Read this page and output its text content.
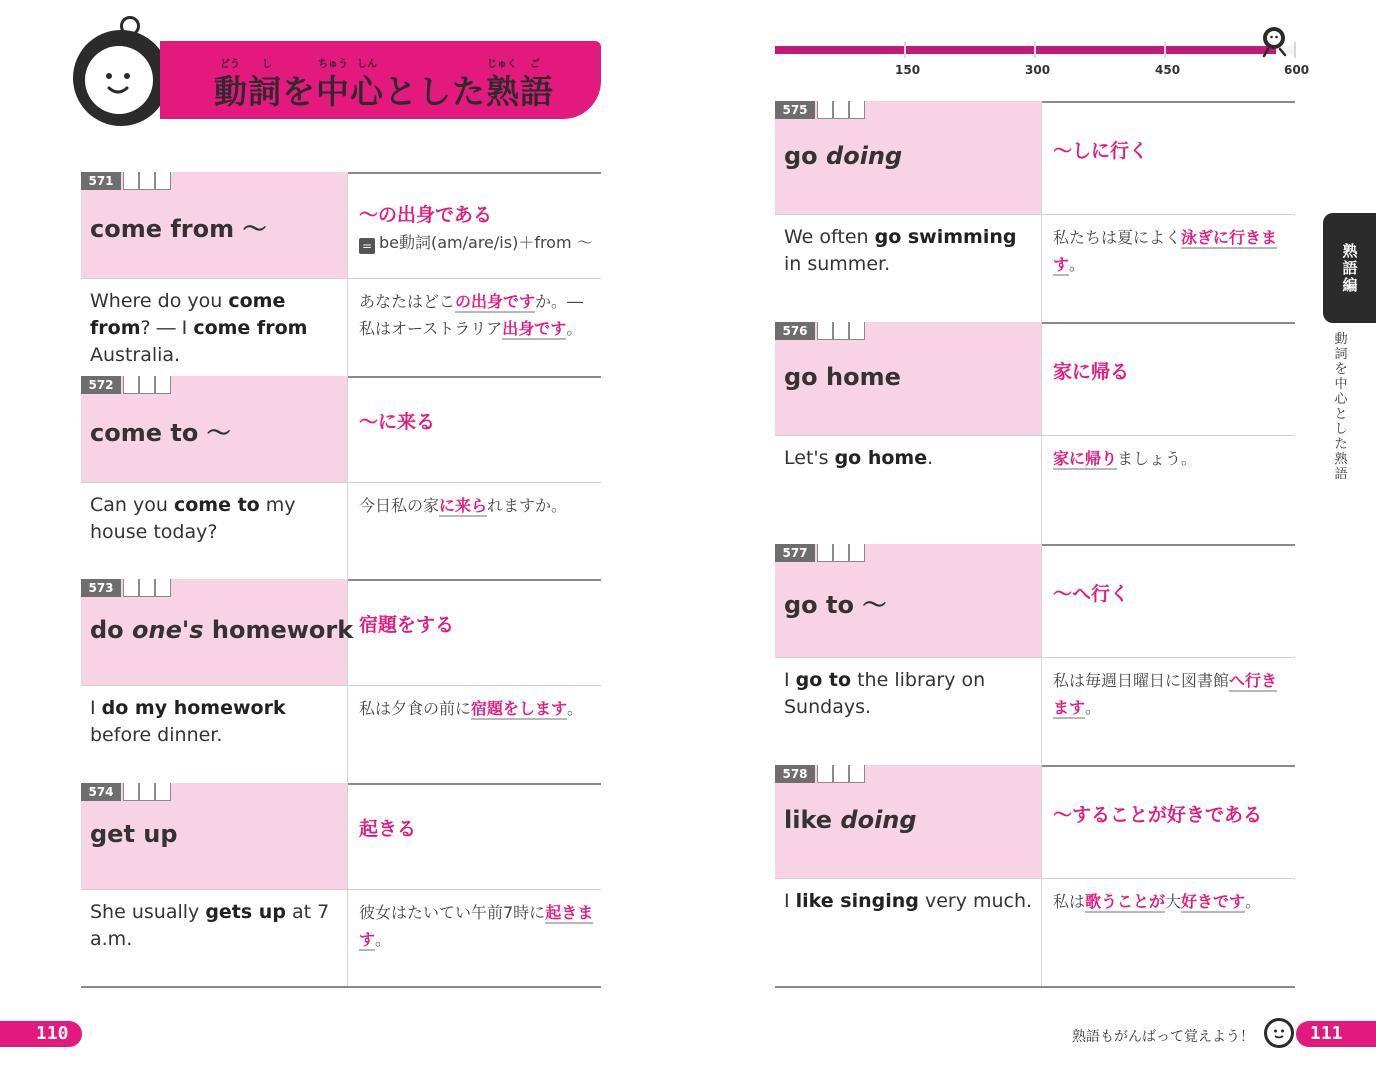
どう し	ちゅう しん	じゅく ご
動詞を中心とした熟語
150	300	450	600
571
come from 〜	〜の出身である
= be動詞(am/are/is)＋from 〜
Where do you come from? ― I come from Australia.
あなたはどこの出身ですか。― 私はオーストラリア出身です。
572
come to 〜	〜に来る
Can you come to my house today?
今日私の家に来られますか。
573
do one's homework 宿題をする
I do my homework before dinner.
私は夕食の前に宿題をします。
574
get up	起きる
She usually gets up at 7 a.m.
彼女はたいてい午前7時に起きます。
575
go doing	〜しに行く
We often go swimming in summer.
私たちは夏によく泳ぎに行きます。
576
go home	家に帰る
Let's go home.	家に帰りましょう。
577
go to 〜	〜へ行く
I go to the library on Sundays.
私は毎週日曜日に図書館へ行きます。
578
like doing	〜することが好きである
I like singing very much. 私は歌うことが大好きです。
熟語編
動詞を中心とした熟語
110	熟語もがんばって覚えよう！	111
